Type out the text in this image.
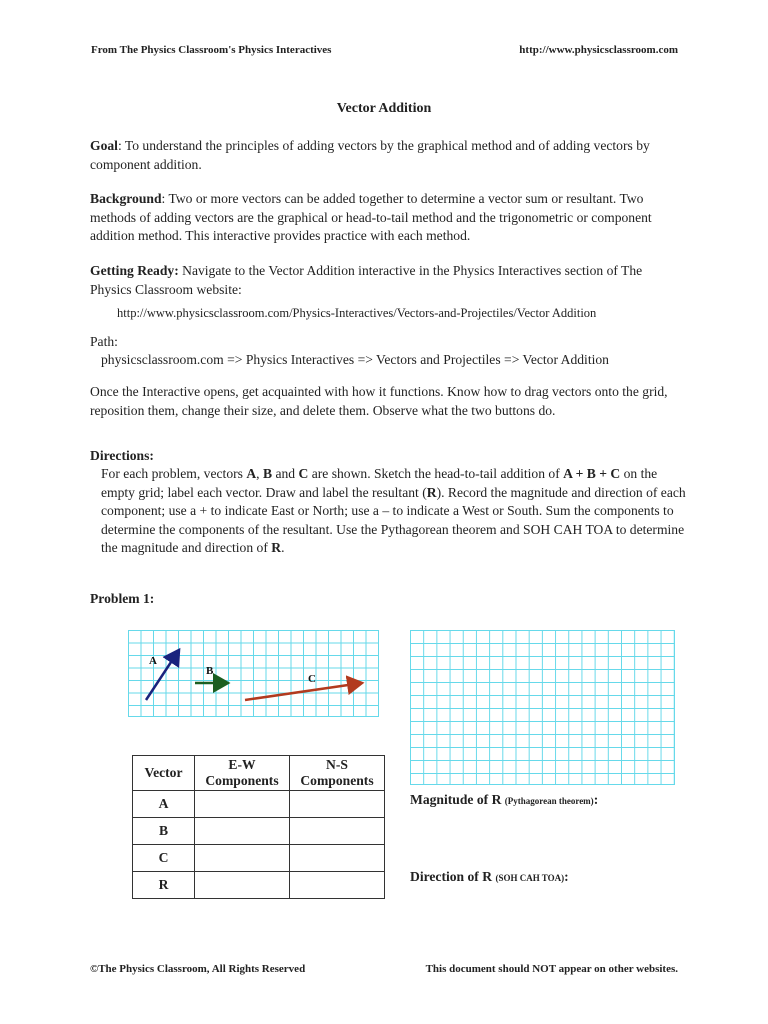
From The Physics Classroom's Physics Interactives	http://www.physicsclassroom.com
Vector Addition
Goal: To understand the principles of adding vectors by the graphical method and of adding vectors by component addition.
Background: Two or more vectors can be added together to determine a vector sum or resultant. Two methods of adding vectors are the graphical or head-to-tail method and the trigonometric or component addition method. This interactive provides practice with each method.
Getting Ready: Navigate to the Vector Addition interactive in the Physics Interactives section of The Physics Classroom website:
http://www.physicsclassroom.com/Physics-Interactives/Vectors-and-Projectiles/Vector Addition
Path:
physicsclassroom.com => Physics Interactives => Vectors and Projectiles => Vector Addition
Once the Interactive opens, get acquainted with how it functions. Know how to drag vectors onto the grid, reposition them, change their size, and delete them. Observe what the two buttons do.
Directions:
For each problem, vectors A, B and C are shown. Sketch the head-to-tail addition of A + B + C on the empty grid; label each vector. Draw and label the resultant (R). Record the magnitude and direction of each component; use a + to indicate East or North; use a – to indicate a West or South. Sum the components to determine the components of the resultant. Use the Pythagorean theorem and SOH CAH TOA to determine the magnitude and direction of R.
Problem 1:
A
B
C
Vector	E-W Components	N-S Components
A		
B		
C		
R		
Magnitude of R (Pythagorean theorem):
Direction of R (SOH CAH TOA):
©The Physics Classroom, All Rights Reserved	This document should NOT appear on other websites.
